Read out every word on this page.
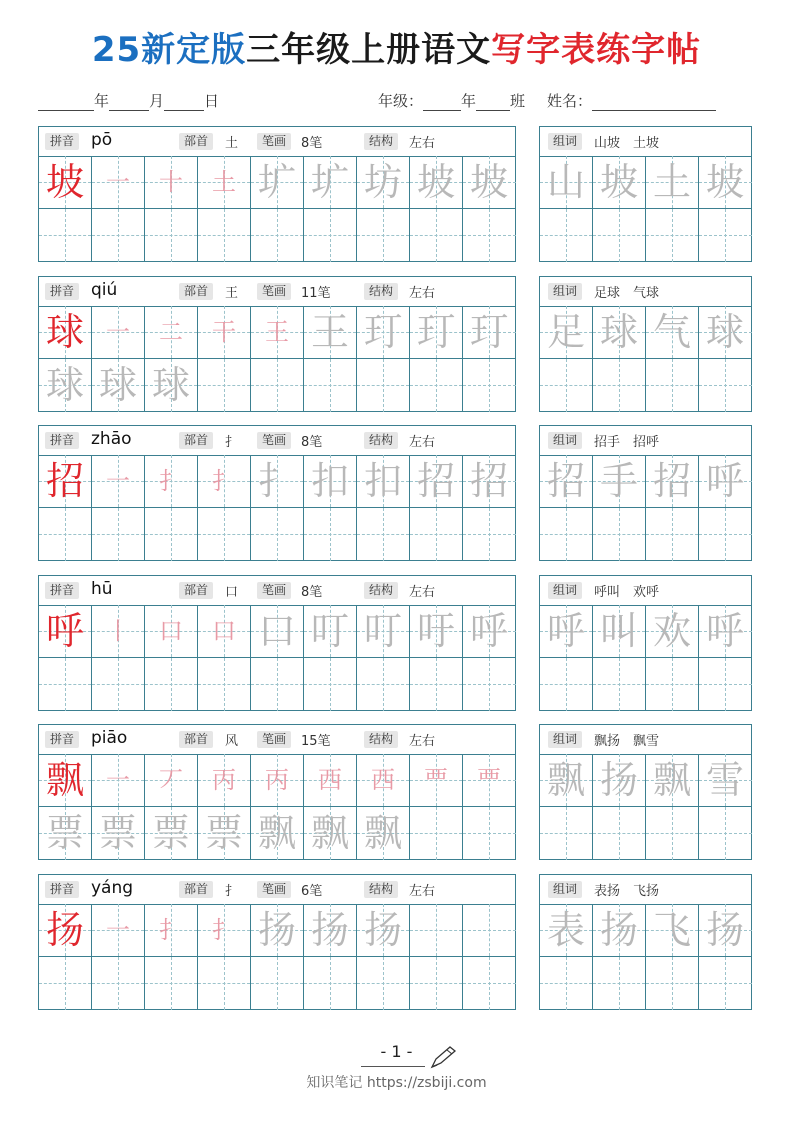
25新定版三年级上册语文写字表练字帖
年	月	日	年级：	年 班 姓名：
拼音 pō	部首	土	笔画	8笔	结构	左右
坡 一	十	土 圹 圹 坊 坡 坡
组词	山坡　土坡
山 坡 土 坡
拼音 qiú	部首	王	笔画	11笔	结构	左右
球 一	二	干	王 王 玎 玎 玎
球 球 球
组词	足球　气球
足 球 气 球
拼音 zhāo	部首	扌	笔画	8笔	结构	左右
招 一	扌	扌 扌 扣 扣 招 招
组词	招手　招呼
招 手 招 呼
拼音 hū	部首	口	笔画	8笔	结构	左右
呼 丨	口	口 口 叮 叮 吁 呼
组词	呼叫　欢呼
呼 叫 欢 呼
拼音 piāo	部首	风	笔画	15笔	结构	左右
飘 一	丆	丙	丙	西	西	覀	覀
票 票 票 票 飘 飘 飘
组词	飘扬　飘雪
飘 扬 飘 雪
拼音 yáng	部首	扌	笔画	6笔	结构	左右
扬 一	扌	扌 扬 扬 扬
组词	表扬　飞扬
表 扬 飞 扬
- 1 -
知识笔记 https://zsbiji.com
